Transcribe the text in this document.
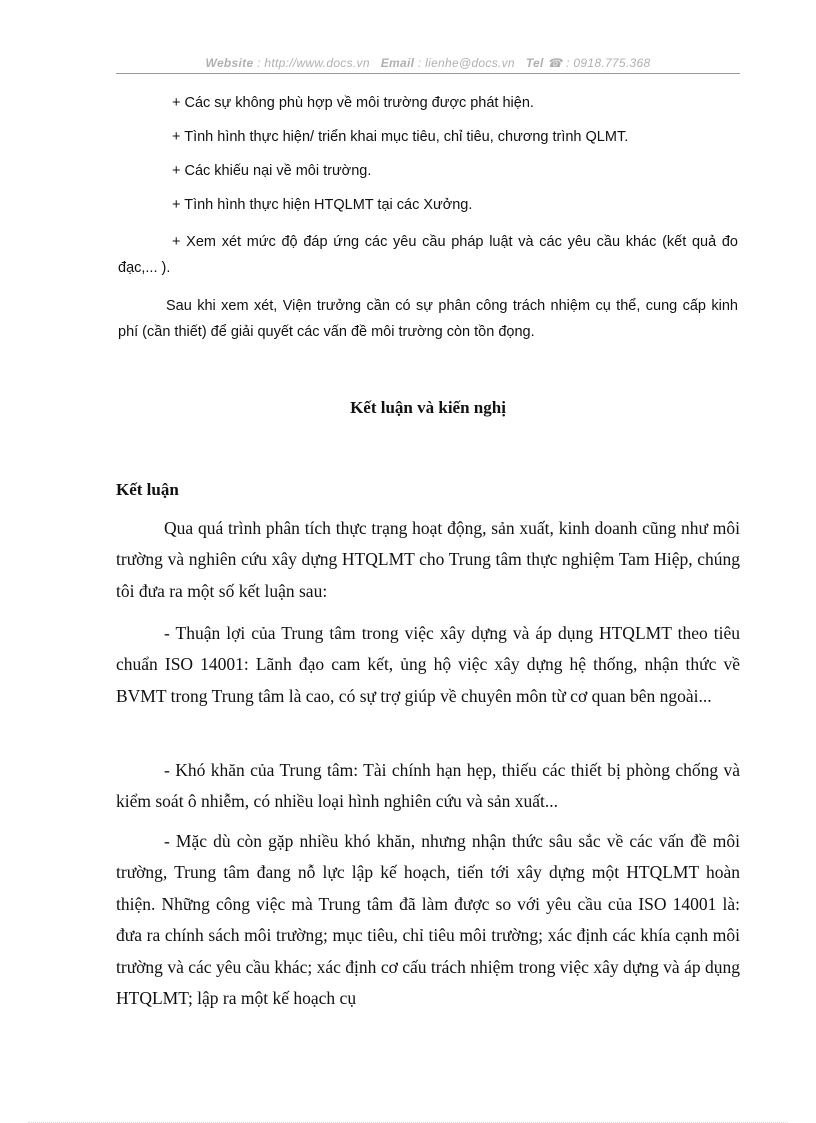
Website : http://www.docs.vn Email : lienhe@docs.vn Tel ☎ : 0918.775.368
+ Các sự không phù hợp về môi trường được phát hiện.
+ Tình hình thực hiện/ triển khai mục tiêu, chỉ tiêu, chương trình QLMT.
+ Các khiếu nại về môi trường.
+ Tình hình thực hiện HTQLMT tại các Xưởng.
+ Xem xét mức độ đáp ứng các yêu cầu pháp luật và các yêu cầu khác (kết quả đo đạc,... ).
Sau khi xem xét, Viện trưởng cần có sự phân công trách nhiệm cụ thể, cung cấp kinh phí (cần thiết) để giải quyết các vấn đề môi trường còn tồn đọng.
Kết luận và kiến nghị
Kết luận
Qua quá trình phân tích thực trạng hoạt động, sản xuất, kinh doanh cũng như môi trường và nghiên cứu xây dựng HTQLMT cho Trung tâm thực nghiệm Tam Hiệp, chúng tôi đưa ra một số kết luận sau:
- Thuận lợi của Trung tâm trong việc xây dựng và áp dụng HTQLMT theo tiêu chuẩn ISO 14001: Lãnh đạo cam kết, ủng hộ việc xây dựng hệ thống, nhận thức về BVMT trong Trung tâm là cao, có sự trợ giúp về chuyên môn từ cơ quan bên ngoài...
- Khó khăn của Trung tâm: Tài chính hạn hẹp, thiếu các thiết bị phòng chống và kiểm soát ô nhiễm, có nhiều loại hình nghiên cứu và sản xuất...
- Mặc dù còn gặp nhiều khó khăn, nhưng nhận thức sâu sắc về các vấn đề môi trường, Trung tâm đang nỗ lực lập kế hoạch, tiến tới xây dựng một HTQLMT hoàn thiện. Những công việc mà Trung tâm đã làm được so với yêu cầu của ISO 14001 là: đưa ra chính sách môi trường; mục tiêu, chỉ tiêu môi trường; xác định các khía cạnh môi trường và các yêu cầu khác; xác định cơ cấu trách nhiệm trong việc xây dựng và áp dụng HTQLMT; lập ra một kế hoạch cụ
